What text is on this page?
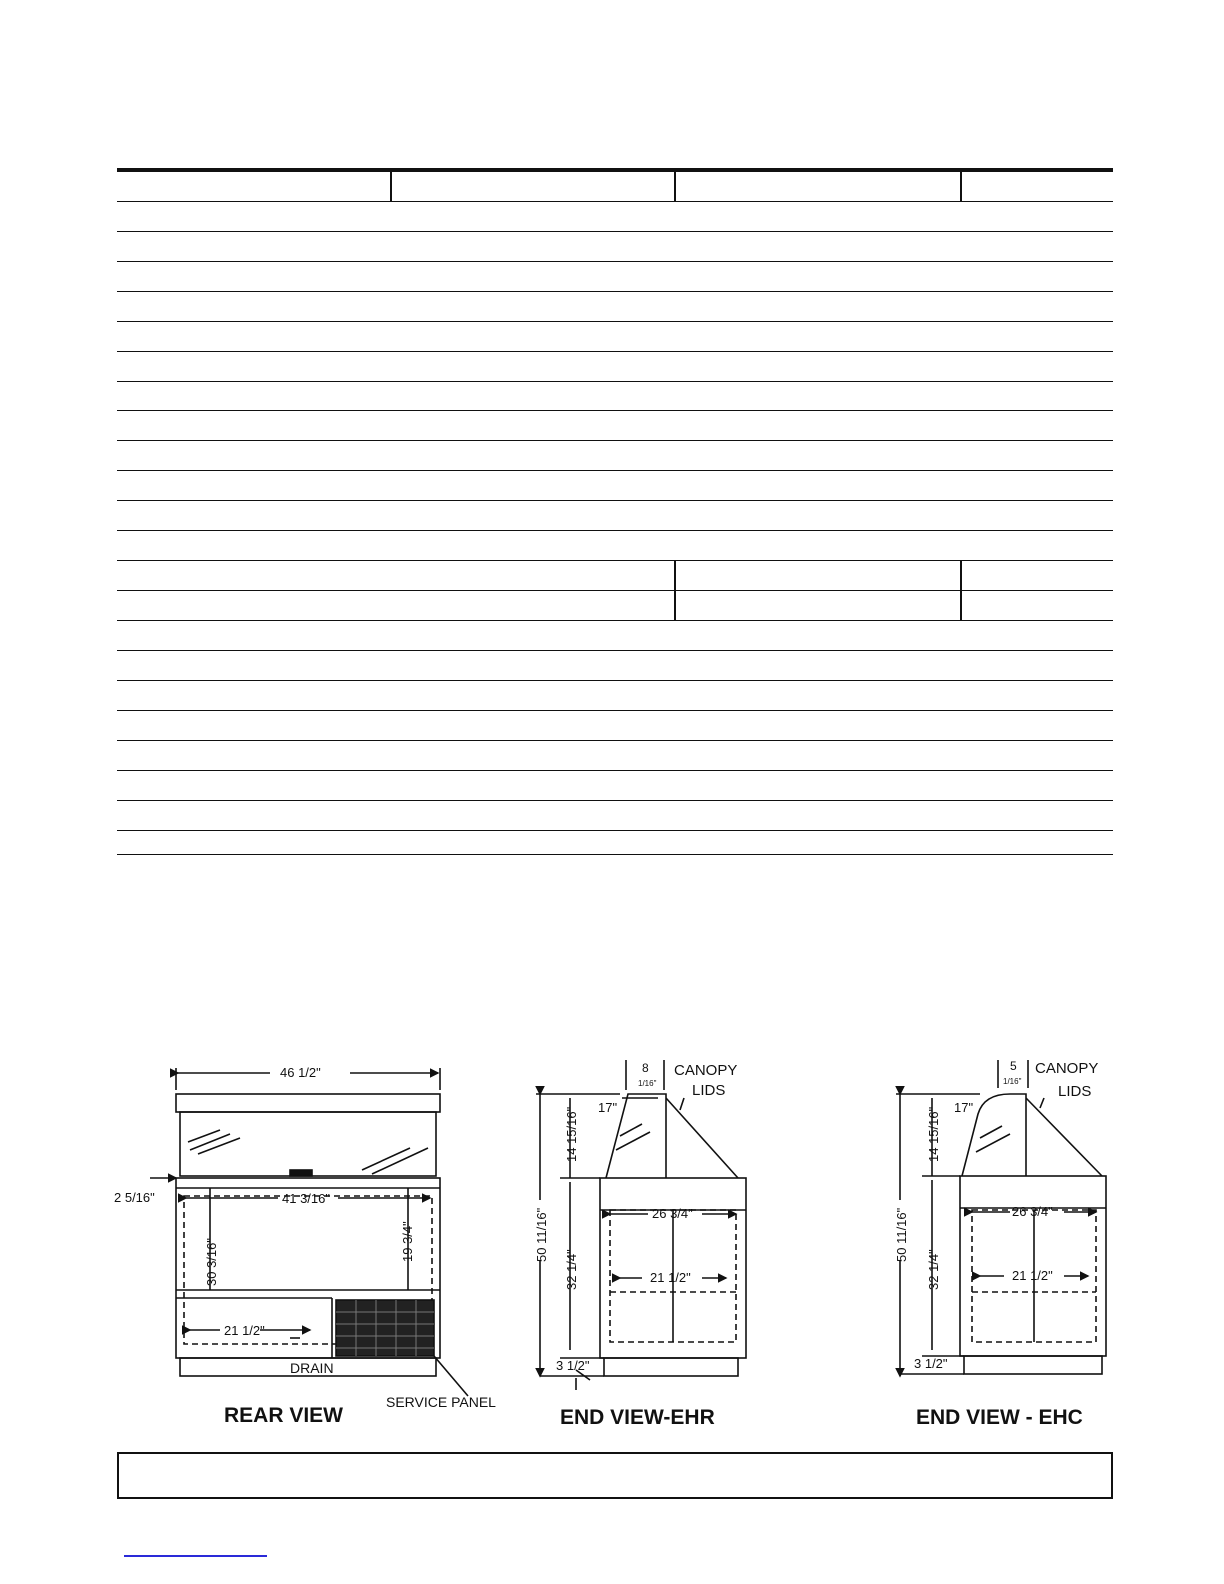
46 1/2"
41 3/16"
2 5/16"
30 3/16"	19 3/4"
21 1/2"
DRAIN
SERVICE PANEL
REAR VIEW
8
1/16"
CANOPY
LIDS
17"
14 15/16"
50 11/16"
32 1/4"
3 1/2"
26 3/4"
21 1/2"
END VIEW-EHR
5
1/16"
CANOPY
LIDS
17"
14 15/16"
50 11/16"
32 1/4"
3 1/2"
26 3/4"
21 1/2"
END VIEW - EHC
